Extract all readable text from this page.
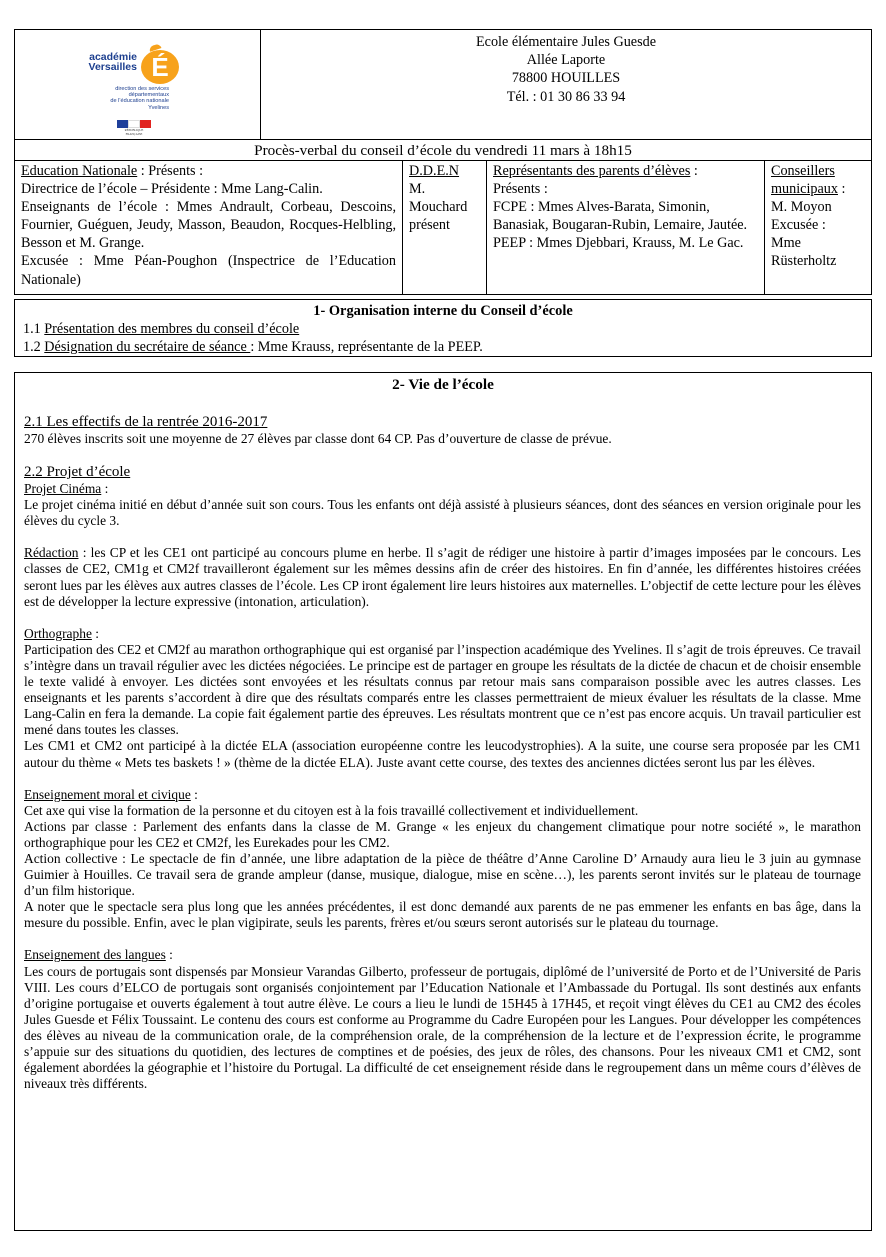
académie
Versailles É
direction des services
départementaux
de l'éducation nationale
Yvelines
RÉPUBLIQUE FRANÇAISE
Ecole élémentaire Jules Guesde
Allée Laporte
78800 HOUILLES
Tél. : 01 30 86 33 94
Procès-verbal du conseil d’école du vendredi 11 mars à 18h15

Education Nationale : Présents :

Directrice de l’école – Présidente : Mme Lang-Calin.

Enseignants de l’école : Mmes Andrault, Corbeau, Descoins, Fournier, Guéguen, Jeudy, Masson, Beaudon, Rocques-Helbling, Besson et M. Grange.

Excusée : Mme Péan-Poughon (Inspectrice de l’Education Nationale)

D.D.E.N

M. Mouchard

présent

Représentants des parents d’élèves :

Présents :

FCPE : Mmes Alves-Barata, Simonin, Banasiak, Bougaran-Rubin, Lemaire, Jautée.

PEEP : Mmes Djebbari, Krauss, M. Le Gac.

Conseillers municipaux :

M. Moyon

Excusée :

Mme Rüsterholtz

1- Organisation interne du Conseil d’école
1.1 Présentation des membres du conseil d’école
1.2 Désignation du secrétaire de séance : Mme Krauss, représentante de la PEEP.
2- Vie de l’école

2.1 Les effectifs de la rentrée 2016-2017

270 élèves inscrits soit une moyenne de 27 élèves par classe dont 64 CP. Pas d’ouverture de classe de prévue.

2.2 Projet d’école

Projet Cinéma :

Le projet cinéma initié en début d’année suit son cours. Tous les enfants ont déjà assisté à plusieurs séances, dont des séances en version originale pour les élèves du cycle 3.

Rédaction : les CP et les CE1 ont participé au concours plume en herbe. Il s’agit de rédiger une histoire à partir d’images imposées par le concours. Les classes de CE2, CM1g et CM2f travailleront également sur les mêmes dessins afin de créer des histoires. En fin d’année, les différentes histoires créées seront lues par les élèves aux autres classes de l’école. Les CP iront également lire leurs histoires aux maternelles. L’objectif de cette lecture pour les élèves est de développer la lecture expressive (intonation, articulation).

Orthographe :

Participation des CE2 et CM2f au marathon orthographique qui est organisé par l’inspection académique des Yvelines. Il s’agit de trois épreuves. Ce travail s’intègre dans un travail régulier avec les dictées négociées. Le principe est de partager en groupe les résultats de la dictée de chacun et de choisir ensemble le texte validé à envoyer. Les dictées sont envoyées et les résultats connus par retour mais sans comparaison possible avec les autres classes. Les enseignants et les parents s’accordent à dire que des résultats comparés entre les classes permettraient de mieux évaluer les résultats de la classe. Mme Lang-Calin en fera la demande. La copie fait également partie des épreuves. Les résultats montrent que ce n’est pas encore acquis. Un travail particulier est mené dans toutes les classes.

Les CM1 et CM2 ont participé à la dictée ELA (association européenne contre les leucodystrophies). A la suite, une course sera proposée par les CM1 autour du thème « Mets tes baskets ! » (thème de la dictée ELA). Juste avant cette course, des textes des anciennes dictées seront lus par les élèves.

Enseignement moral et civique :

Cet axe qui vise la formation de la personne et du citoyen est à la fois travaillé collectivement et individuellement.

Actions par classe : Parlement des enfants dans la classe de M. Grange « les enjeux du changement climatique pour notre société », le marathon orthographique pour les CE2 et CM2f, les Eurekades pour les CM2.

Action collective : Le spectacle de fin d’année, une libre adaptation de la pièce de théâtre d’Anne Caroline D’ Arnaudy aura lieu le 3 juin au gymnase Guimier à Houilles. Ce travail sera de grande ampleur (danse, musique, dialogue, mise en scène…), les parents seront invités sur le plateau de tournage d’un film historique.

A noter que le spectacle sera plus long que les années précédentes, il est donc demandé aux parents de ne pas emmener les enfants en bas âge, dans la mesure du possible. Enfin, avec le plan vigipirate, seuls les parents, frères et/ou sœurs seront autorisés sur le plateau du tournage.

Enseignement des langues :

Les cours de portugais sont dispensés par Monsieur Varandas Gilberto, professeur de portugais, diplômé de l’université de Porto et de l’Université de Paris VIII. Les cours d’ELCO de portugais sont organisés conjointement par l’Education Nationale et l’Ambassade du Portugal. Ils sont destinés aux enfants d’origine portugaise et ouverts également à tout autre élève. Le cours a lieu le lundi de 15H45 à 17H45, et reçoit vingt élèves du CE1 au CM2 des écoles Jules Guesde et Félix Toussaint. Le contenu des cours est conforme au Programme du Cadre Européen pour les Langues. Pour développer les compétences des élèves au niveau de la communication orale, de la compréhension orale, de la compréhension de la lecture et de l’expression écrite, le programme s’appuie sur des situations du quotidien, des lectures de comptines et de poésies, des jeux de rôles, des chansons. Pour les niveaux CM1 et CM2, sont également abordées la géographie et l’histoire du Portugal. La difficulté de cet enseignement réside dans le regroupement dans un même cours d’élèves de niveaux très différents.
